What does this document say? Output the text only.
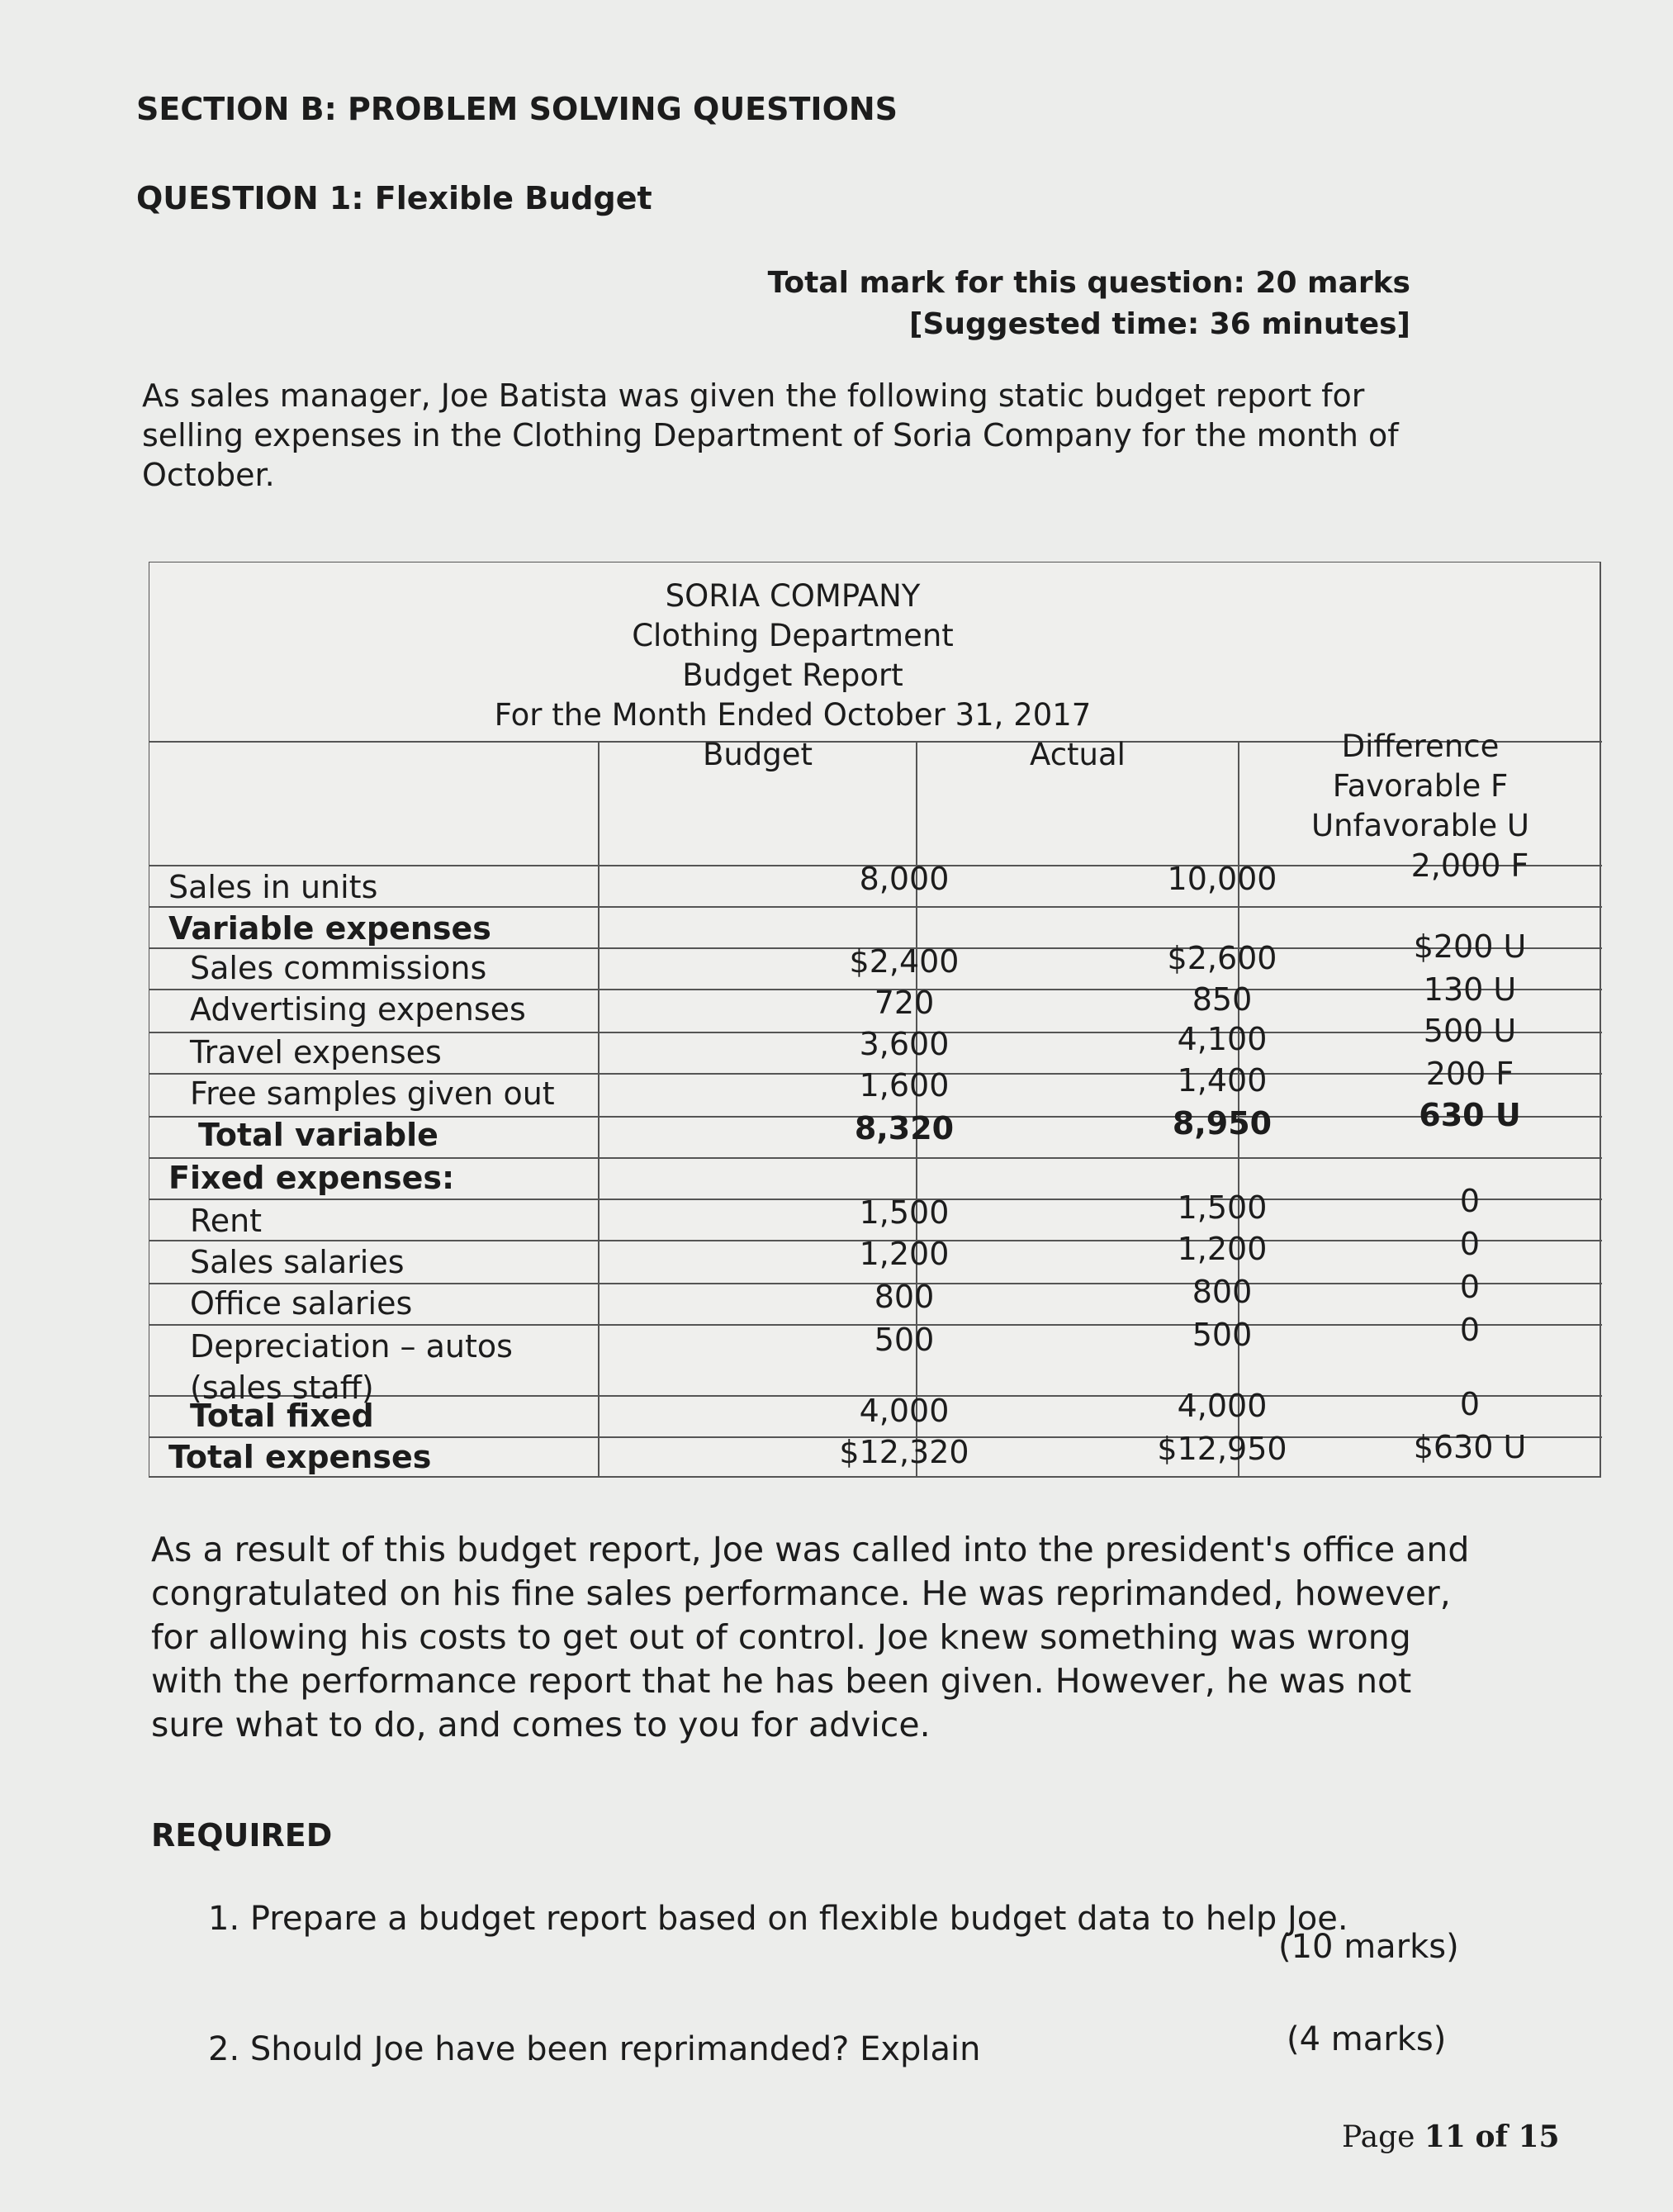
SECTION B: PROBLEM SOLVING QUESTIONS
QUESTION 1: Flexible Budget
Total mark for this question: 20 marks
[Suggested time: 36 minutes]
As sales manager, Joe Batista was given the following static budget report for selling expenses in the Clothing Department of Soria Company for the month of October.
SORIA COMPANY
Clothing Department
Budget Report
For the Month Ended October 31, 2017
Budget	Actual	Difference
Favorable F
Unfavorable U
Sales in units	8,000	10,000	2,000 F
Variable expenses
Sales commissions	$2,400	$2,600	$200 U
Advertising expenses	720	850	130 U
Travel expenses	3,600	4,100	500 U
Free samples given out	1,600	1,400	200 F
Total variable	8,320	8,950	630 U
Fixed expenses:
Rent	1,500	1,500	0
Sales salaries	1,200	1,200	0
Office salaries	800	800	0
Depreciation – autos
(sales staff)
500	500	0
Total fixed	4,000	4,000	0
Total expenses	$12,320	$12,950	$630 U
As a result of this budget report, Joe was called into the president's office and congratulated on his fine sales performance. He was reprimanded, however, for allowing his costs to get out of control. Joe knew something was wrong with the performance report that he has been given. However, he was not sure what to do, and comes to you for advice.
REQUIRED
1. Prepare a budget report based on flexible budget data to help Joe.
(10 marks)
2. Should Joe have been reprimanded? Explain	(4 marks)
Page 11 of 15
